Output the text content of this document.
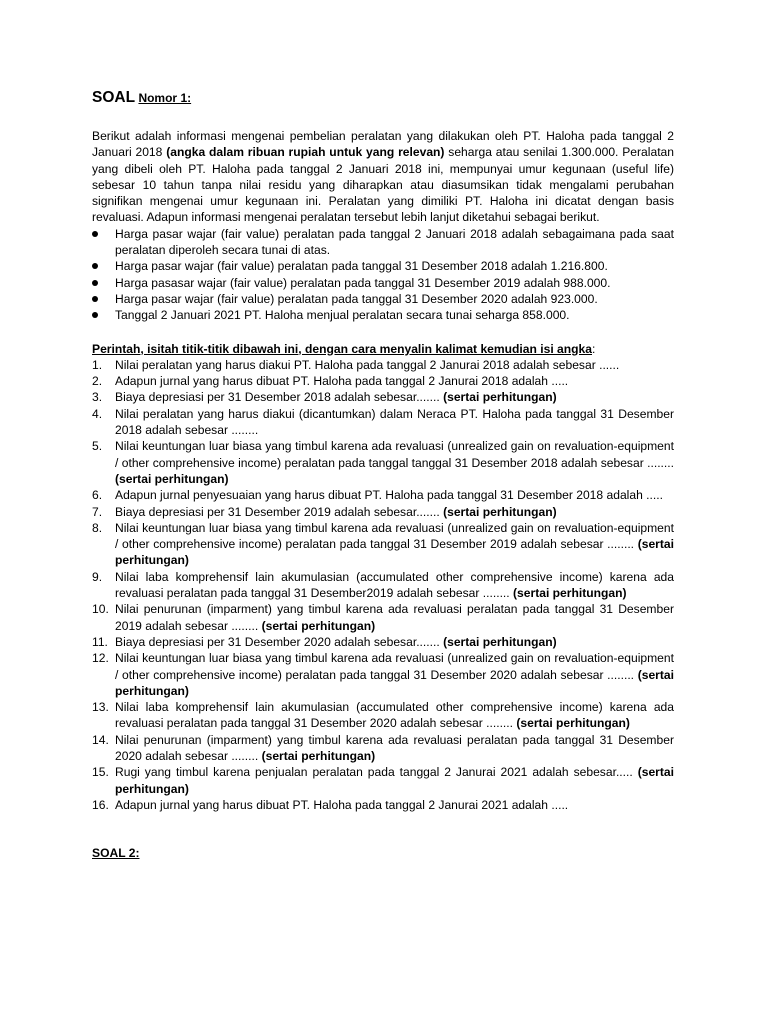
SOAL Nomor 1:

Berikut adalah informasi mengenai pembelian peralatan yang dilakukan oleh PT. Haloha pada tanggal 2 Januari 2018 (angka dalam ribuan rupiah untuk yang relevan) seharga atau senilai 1.300.000. Peralatan yang dibeli oleh PT. Haloha pada tanggal 2 Januari 2018 ini, mempunyai umur kegunaan (useful life) sebesar 10 tahun tanpa nilai residu yang diharapkan atau diasumsikan tidak mengalami perubahan signifikan mengenai umur kegunaan ini. Peralatan yang dimiliki PT. Haloha ini dicatat dengan basis revaluasi. Adapun informasi mengenai peralatan tersebut lebih lanjut diketahui sebagai berikut.

Harga pasar wajar (fair value) peralatan pada tanggal 2 Januari 2018 adalah sebagaimana pada saat peralatan diperoleh secara tunai di atas.
Harga pasar wajar (fair value) peralatan pada tanggal 31 Desember 2018 adalah 1.216.800.
Harga pasasar wajar (fair value) peralatan pada tanggal 31 Desember 2019 adalah 988.000.
Harga pasar wajar (fair value) peralatan pada tanggal 31 Desember 2020 adalah 923.000.
Tanggal 2 Januari 2021 PT. Haloha menjual peralatan secara tunai seharga 858.000.

Perintah, isitah titik-titik dibawah ini, dengan cara menyalin kalimat kemudian isi angka:

1. Nilai peralatan yang harus diakui PT. Haloha pada tanggal 2 Janurai 2018 adalah sebesar ......
2. Adapun jurnal yang harus dibuat PT. Haloha pada tanggal 2 Janurai 2018 adalah .....
3. Biaya depresiasi per 31 Desember 2018 adalah sebesar....... (sertai perhitungan)
4. Nilai peralatan yang harus diakui (dicantumkan) dalam Neraca PT. Haloha pada tanggal 31 Desember 2018 adalah sebesar ........
5. Nilai keuntungan luar biasa yang timbul karena ada revaluasi (unrealized gain on revaluation-equipment / other comprehensive income) peralatan pada tanggal tanggal 31 Desember 2018 adalah sebesar ........ (sertai perhitungan)
6. Adapun jurnal penyesuaian yang harus dibuat PT. Haloha pada tanggal 31 Desember 2018 adalah .....
7. Biaya depresiasi per 31 Desember 2019 adalah sebesar....... (sertai perhitungan)
8. Nilai keuntungan luar biasa yang timbul karena ada revaluasi (unrealized gain on revaluation-equipment / other comprehensive income) peralatan pada tanggal 31 Desember 2019 adalah sebesar ........ (sertai perhitungan)
9. Nilai laba komprehensif lain akumulasian (accumulated other comprehensive income) karena ada revaluasi peralatan pada tanggal 31 Desember2019 adalah sebesar ........ (sertai perhitungan)
10. Nilai penurunan (imparment) yang timbul karena ada revaluasi peralatan pada tanggal 31 Desember 2019 adalah sebesar ........ (sertai perhitungan)
11. Biaya depresiasi per 31 Desember 2020 adalah sebesar....... (sertai perhitungan)
12. Nilai keuntungan luar biasa yang timbul karena ada revaluasi (unrealized gain on revaluation-equipment / other comprehensive income) peralatan pada tanggal 31 Desember 2020 adalah sebesar ........ (sertai perhitungan)
13. Nilai laba komprehensif lain akumulasian (accumulated other comprehensive income) karena ada revaluasi peralatan pada tanggal 31 Desember 2020 adalah sebesar ........ (sertai perhitungan)
14. Nilai penurunan (imparment) yang timbul karena ada revaluasi peralatan pada tanggal 31 Desember 2020 adalah sebesar ........ (sertai perhitungan)
15. Rugi yang timbul karena penjualan peralatan pada tanggal 2 Janurai 2021 adalah sebesar..... (sertai perhitungan)
16. Adapun jurnal yang harus dibuat PT. Haloha pada tanggal 2 Janurai 2021 adalah .....
SOAL 2:
